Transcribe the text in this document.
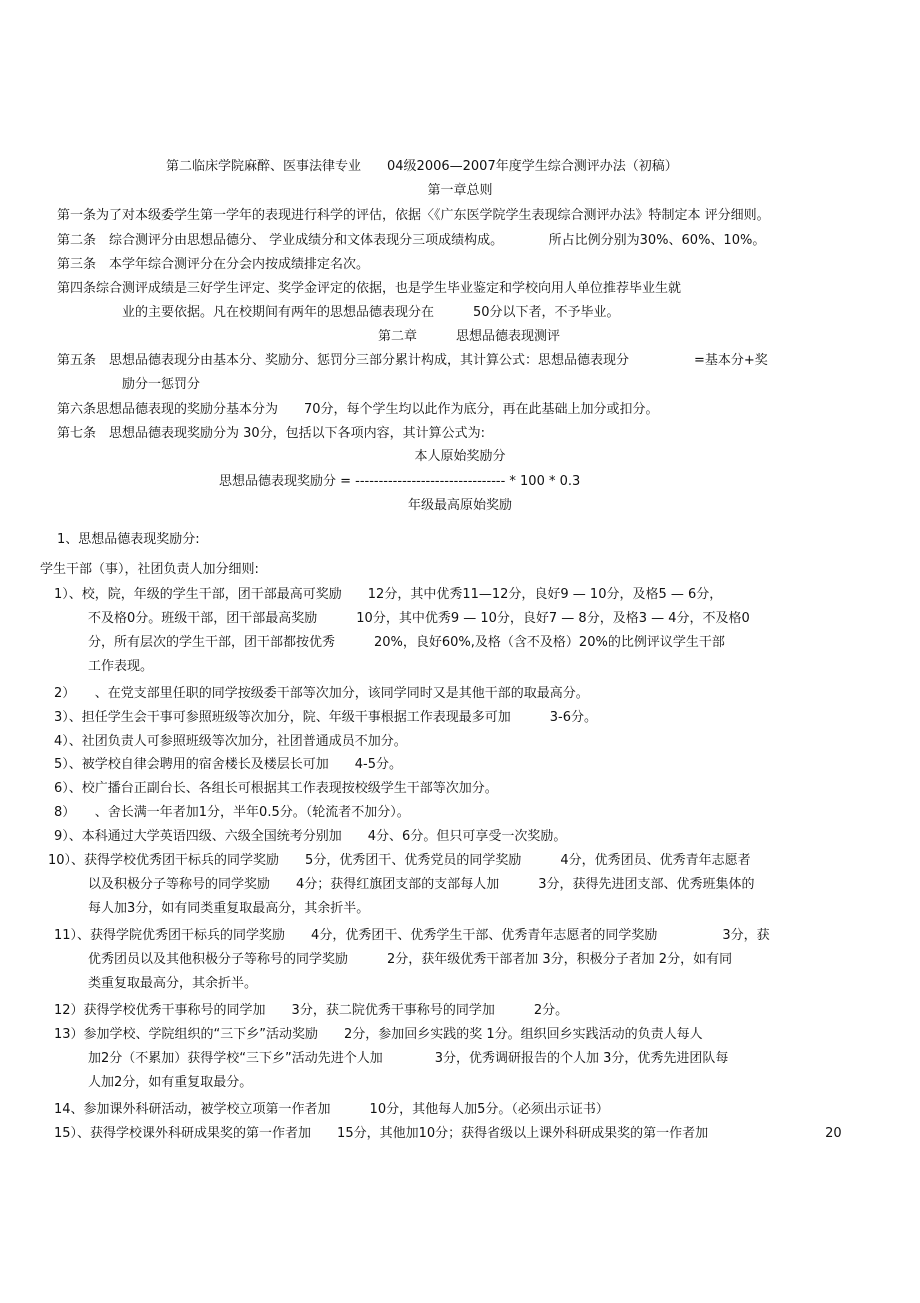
第二临床学院麻醉、医事法律专业　　04级2006—2007年度学生综合测评办法（初稿）
第一章总则
第一条为了对本级委学生第一学年的表现进行科学的评估，依据〈《广东医学院学生表现综合测评办法》特制定本 评分细则。
第二条　综合测评分由思想品德分、 学业成绩分和文体表现分三项成绩构成。　　　　所占比例分别为30%、60%、10%。
第三条　本学年综合测评分在分会内按成绩排定名次。
第四条综合测评成绩是三好学生评定、奖学金评定的依据，也是学生毕业鉴定和学校向用人单位推荐毕业生就
业的主要依据。凡在校期间有两年的思想品德表现分在　　　50分以下者，不予毕业。
第二章　　　思想品德表现测评
第五条　思想品德表现分由基本分、奖励分、惩罚分三部分累计构成，其计算公式：思想品德表现分　　　　　=基本分+奖
励分一惩罚分
第六条思想品德表现的奖励分基本分为　　70分，每个学生均以此作为底分，再在此基础上加分或扣分。
第七条　思想品德表现奖励分为 30分，包括以下各项内容，其计算公式为:
本人原始奖励分
思想品德表现奖励分 = -------------------------------- * 100 * 0.3
年级最高原始奖励
1、思想品德表现奖励分:
学生干部（事），社团负责人加分细则:
1）、校，院，年级的学生干部，团干部最高可奖励　　12分，其中优秀11—12分，良好9 — 10分，及格5 — 6分，
不及格0分。班级干部，团干部最高奖励　　　10分，其中优秀9 — 10分，良好7 — 8分，及格3 — 4分，不及格0
分，所有层次的学生干部，团干部都按优秀　　　20%，良好60%,及格（含不及格）20%的比例评议学生干部
工作表现。
2）　　、在党支部里任职的同学按级委干部等次加分，该同学同时又是其他干部的取最高分。
3）、担任学生会干事可参照班级等次加分，院、年级干事根据工作表现最多可加　　　3-6分。
4）、社团负责人可参照班级等次加分，社团普通成员不加分。
5）、被学校自律会聘用的宿舍楼长及楼层长可加　　4-5分。
6）、校广播台正副台长、各组长可根据其工作表现按校级学生干部等次加分。
8）　　、舍长满一年者加1分，半年0.5分。（轮流者不加分）。
9）、本科通过大学英语四级、六级全国统考分别加　　4分、6分。但只可享受一次奖励。
10）、获得学校优秀团干标兵的同学奖励　　5分，优秀团干、优秀党员的同学奖励　　　4分，优秀团员、优秀青年志愿者
以及积极分子等称号的同学奖励　　4分；获得红旗团支部的支部每人加　　　3分，获得先进团支部、优秀班集体的
每人加3分，如有同类重复取最高分，其余折半。
11）、获得学院优秀团干标兵的同学奖励　　4分，优秀团干、优秀学生干部、优秀青年志愿者的同学奖励　　　　　3分，获
优秀团员以及其他积极分子等称号的同学奖励　　　2分，获年级优秀干部者加 3分，积极分子者加 2分，如有同
类重复取最高分，其余折半。
12）获得学校优秀干事称号的同学加　　3分，获二院优秀干事称号的同学加　　　2分。
13）参加学校、学院组织的“三下乡”活动奖励　　2分，参加回乡实践的奖 1分。组织回乡实践活动的负责人每人
加2分（不累加）获得学校“三下乡”活动先进个人加　　　　3分，优秀调研报告的个人加 3分，优秀先进团队每
人加2分，如有重复取最分。
14、参加课外科研活动，被学校立项第一作者加　　　10分，其他每人加5分。（必须出示证书）
15）、获得学校课外科研成果奖的第一作者加　　15分，其他加10分；获得省级以上课外科研成果奖的第一作者加　　　　　　　　　20
